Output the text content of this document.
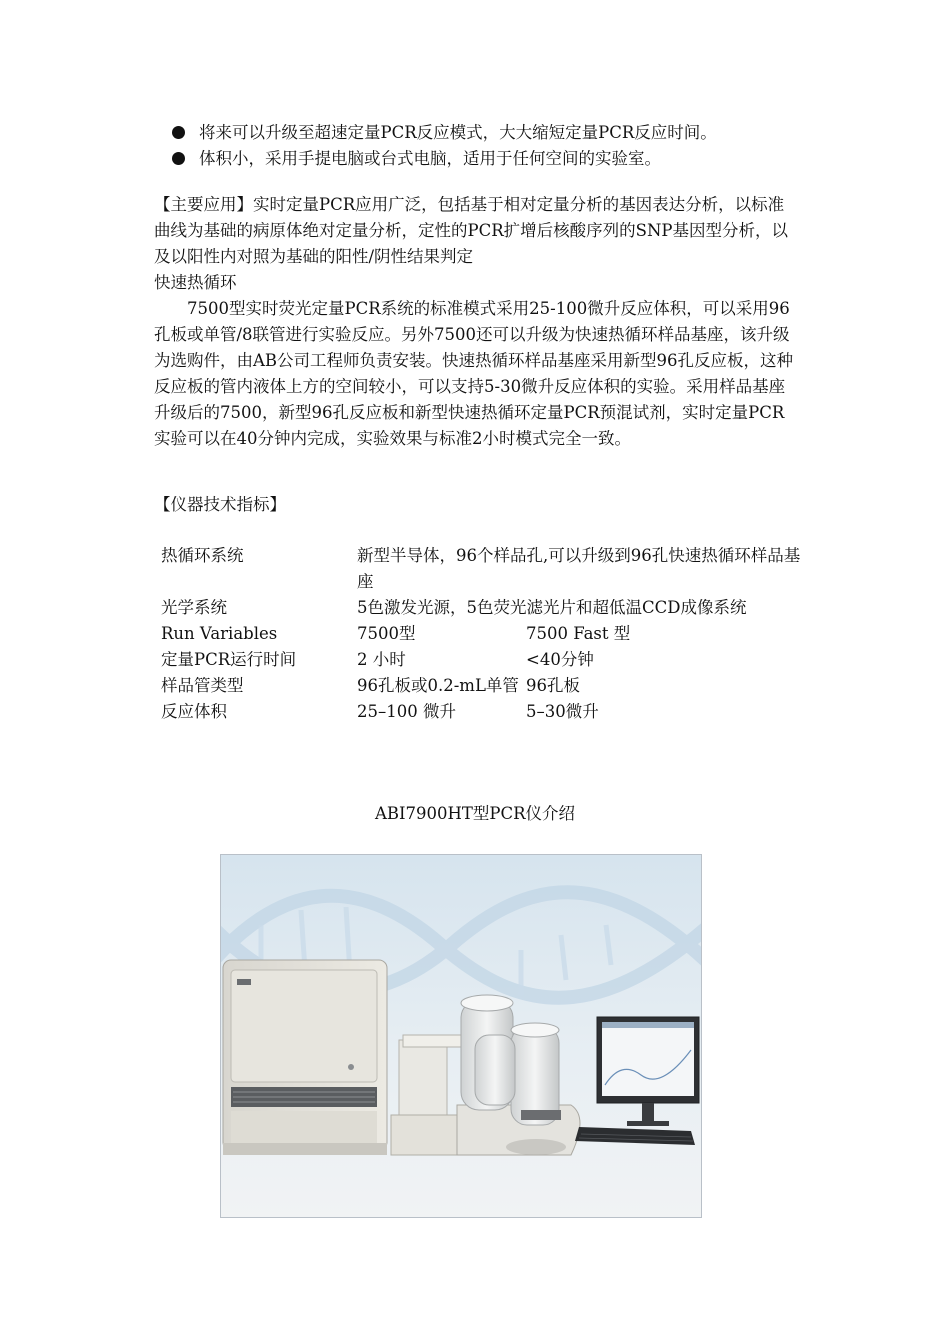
将来可以升级至超速定量PCR反应模式，大大缩短定量PCR反应时间。
体积小，采用手提电脑或台式电脑，适用于任何空间的实验室。
【主要应用】实时定量PCR应用广泛，包括基于相对定量分析的基因表达分析，以标准曲线为基础的病原体绝对定量分析，定性的PCR扩增后核酸序列的SNP基因型分析，以及以阳性内对照为基础的阳性/阴性结果判定
快速热循环
7500型实时荧光定量PCR系统的标准模式采用25-100微升反应体积，可以采用96孔板或单管/8联管进行实验反应。另外7500还可以升级为快速热循环样品基座，该升级为选购件，由AB公司工程师负责安装。快速热循环样品基座采用新型96孔反应板，这种反应板的管内液体上方的空间较小，可以支持5-30微升反应体积的实验。采用样品基座升级后的7500，新型96孔反应板和新型快速热循环定量PCR预混试剂，实时定量PCR实验可以在40分钟内完成，实验效果与标准2小时模式完全一致。
【仪器技术指标】
热循环系统	新型半导体，96个样品孔,可以升级到96孔快速热循环样品基座	
光学系统	5色激发光源，5色荧光滤光片和超低温CCD成像系统	
Run Variables	7500型	7500 Fast 型
定量PCR运行时间	2 小时	<40分钟
样品管类型	96孔板或0.2-mL单管	96孔板
反应体积	25–100 微升	5–30微升
ABI7900HT型PCR仪介绍
